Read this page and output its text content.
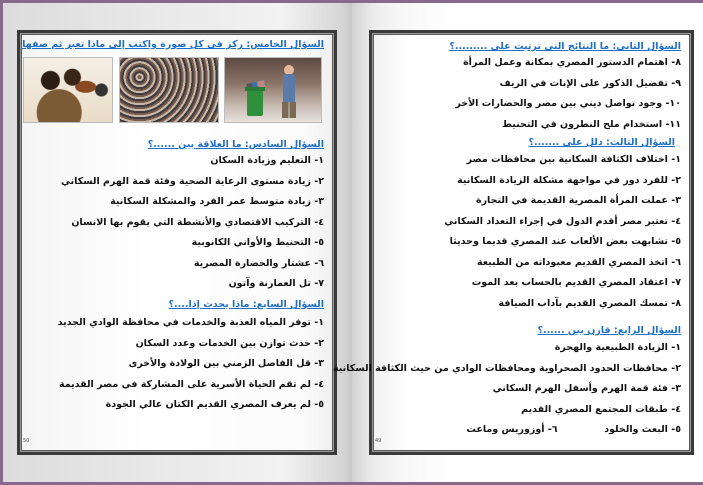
السؤال الخامس: ركز في كل صورة واكتب إلى ماذا تعبر ثم صفها
السؤال السادس: ما العلاقة بين ......؟
١- التعليم وزيادة السكان
٢- زيادة مستوى الرعاية الصحية وفئة قمة الهرم السكاني
٣- زيادة متوسط عمر الفرد والمشكلة السكانية
٤- التركيب الاقتصادي والأنشطة التي يقوم بها الانسان
٥- التحنيط والأواني الكانوبية
٦- عشتار والحضارة المصرية
٧- تل العمارنة وآتون
السؤال السابع: ماذا يحدث إذا....؟
١- توفر المياه العذبة والخدمات في محافظة الوادي الجديد
٢- حدث توازن بين الخدمات وعدد السكان
٣- قل الفاصل الزمني بين الولادة والأخرى
٤- لم تقم الحياة الأسرية على المشاركة في مصر القديمة
٥- لم يعرف المصري القديم الكتان عالي الجودة
50
السؤال الثاني: ما النتائج التي ترتبت على .........؟
٨- اهتمام الدستور المصري بمكانة وعمل المرأة
٩- تفضيل الذكور على الإناث في الريف
١٠- وجود تواصل ديني بين مصر والحضارات الأخر
١١- استخدام ملح النطرون في التحنيط
السؤال الثالث: دلل على .......؟
١- اختلاف الكثافة السكانية بين محافظات مصر
٢- للفرد دور في مواجهة مشكلة الزيادة السكانية
٣- عملت المرأة المصرية القديمة في التجارة
٤- تعتبر مصر أقدم الدول في إجراء التعداد السكاني
٥- تشابهت بعض الألعاب عند المصري قديما وحديثا
٦- اتخذ المصري القديم معبوداته من الطبيعة
٧- اعتقاد المصري القديم بالحساب بعد الموت
٨- تمسك المصري القديم بآداب الضيافة
السؤال الرابع: قارن بين ......؟
١- الزيادة الطبيعية والهجرة
٢- محافظات الحدود الصحراوية ومحافظات الوادي من حيث الكثافة السكانية
٣- فئة قمة الهرم وأسفل الهرم السكاني
٤- طبقات المجتمع المصري القديم
٥- البعث والخلود  ٦- أوزوريس وماعت
49
